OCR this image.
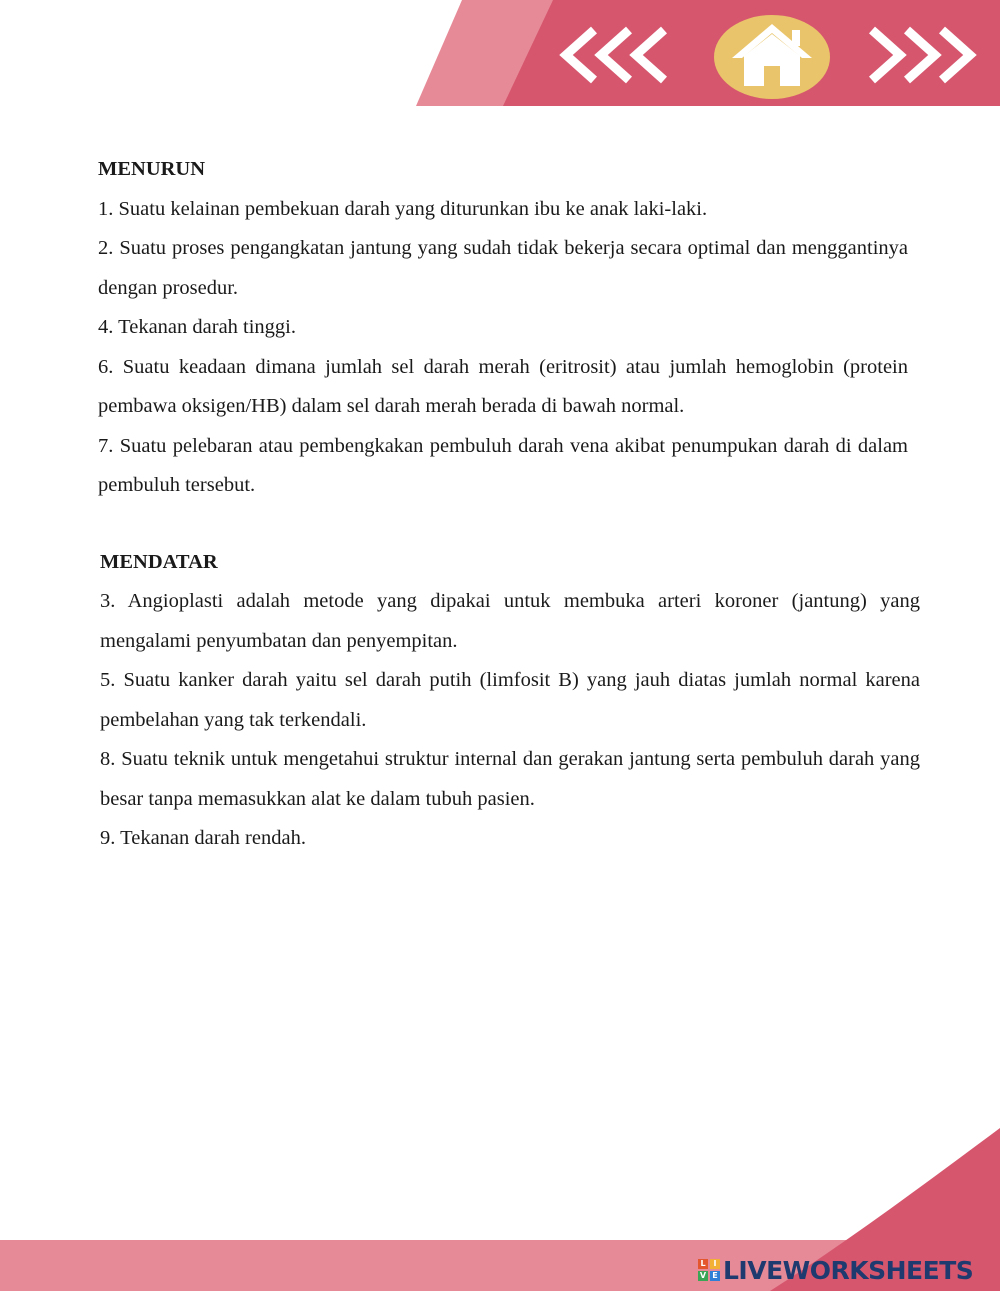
MENURUN

1. Suatu kelainan pembekuan darah yang diturunkan ibu ke anak laki-laki.

2. Suatu proses pengangkatan jantung yang sudah tidak bekerja secara optimal dan menggantinya dengan prosedur.

4. Tekanan darah tinggi.

6. Suatu keadaan dimana jumlah sel darah merah (eritrosit) atau jumlah hemoglobin (protein pembawa oksigen/HB) dalam sel darah merah berada di bawah normal.

7. Suatu pelebaran atau pembengkakan pembuluh darah vena akibat penumpukan darah di dalam pembuluh tersebut.

MENDATAR

3. Angioplasti adalah metode yang dipakai untuk membuka arteri koroner (jantung) yang mengalami penyumbatan dan penyempitan.

5. Suatu kanker darah yaitu sel darah putih (limfosit B) yang jauh diatas jumlah normal karena pembelahan yang tak terkendali.

8. Suatu teknik untuk mengetahui struktur internal dan gerakan jantung serta pembuluh darah yang besar tanpa memasukkan alat ke dalam tubuh pasien.

9. Tekanan darah rendah.

L I
V E LIVEWORKSHEETS
